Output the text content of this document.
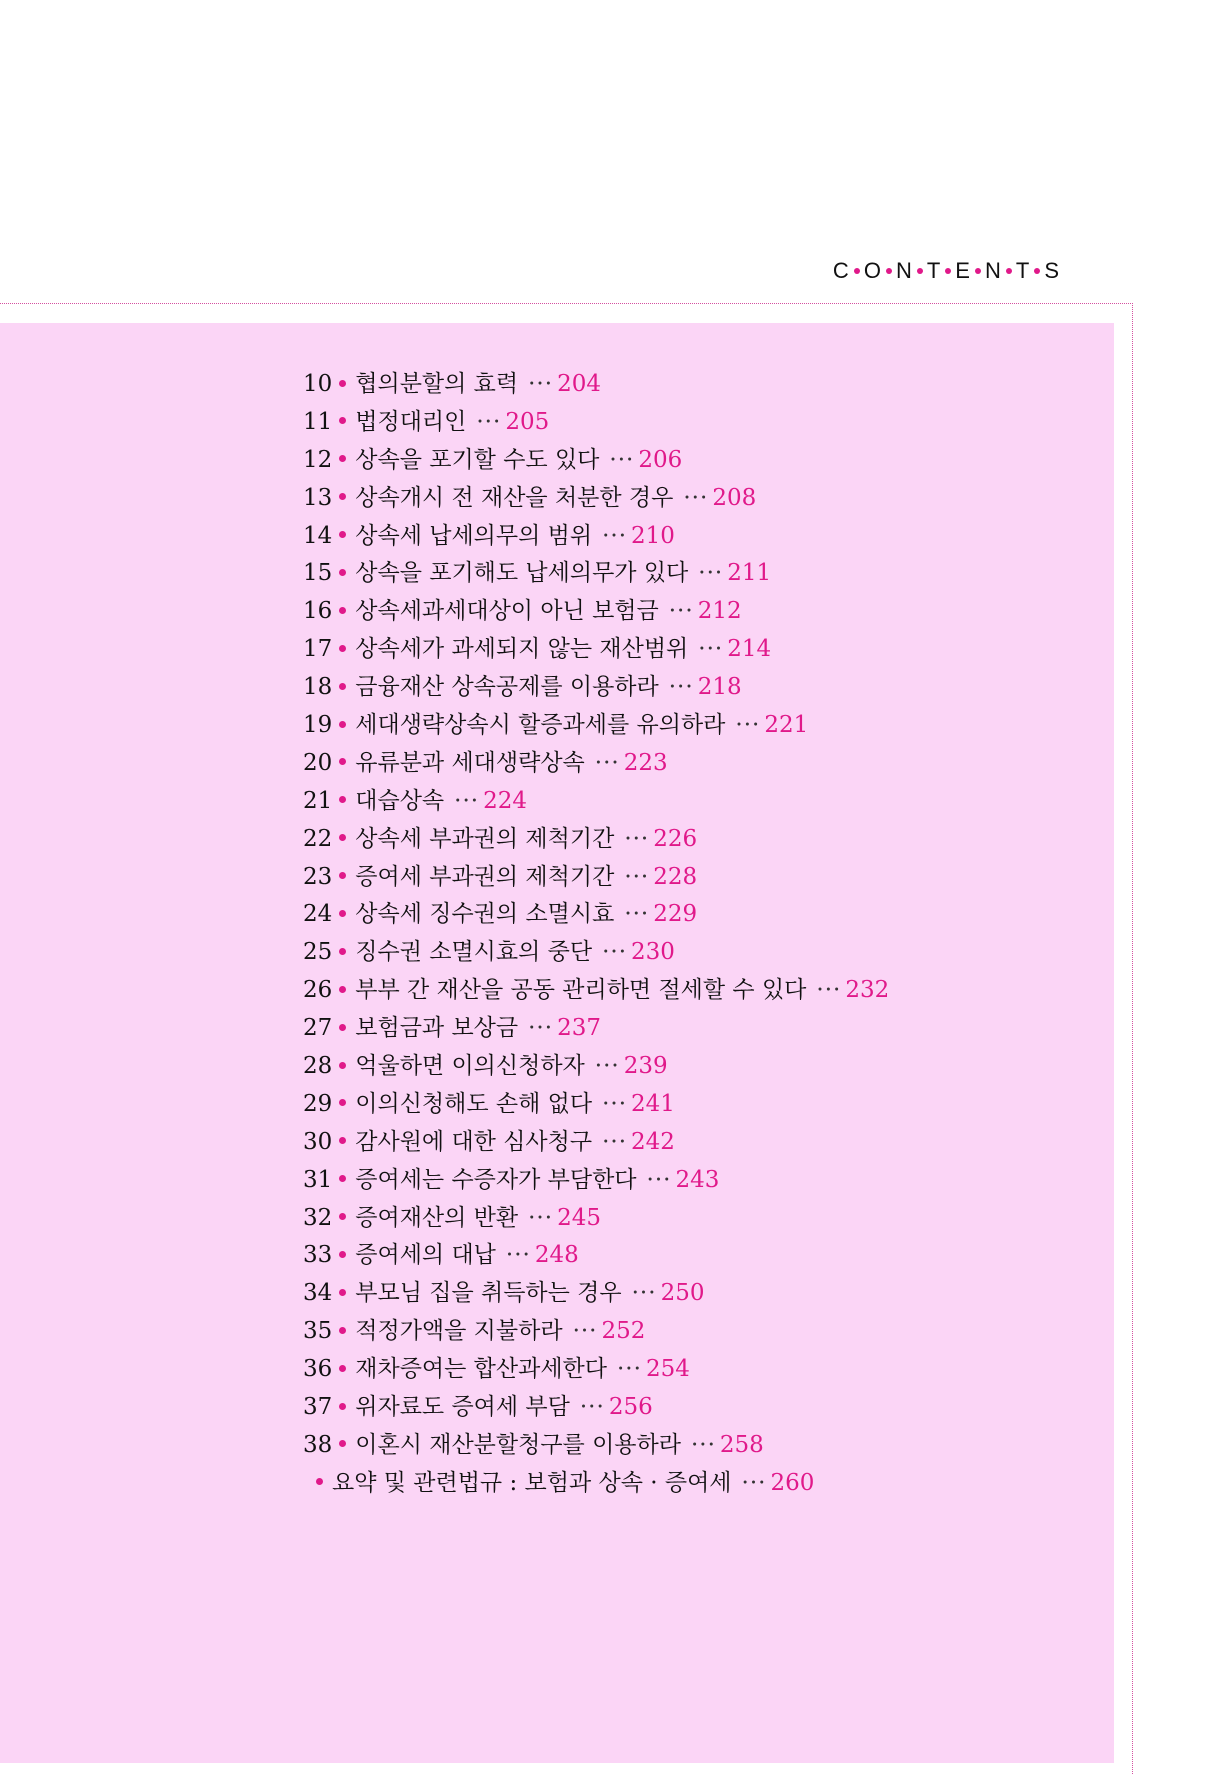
C O N T E N T S
10 협의분할의 효력 ··· 204
11 법정대리인 ··· 205
12 상속을 포기할 수도 있다 ··· 206
13 상속개시 전 재산을 처분한 경우 ··· 208
14 상속세 납세의무의 범위 ··· 210
15 상속을 포기해도 납세의무가 있다 ··· 211
16 상속세과세대상이 아닌 보험금 ··· 212
17 상속세가 과세되지 않는 재산범위 ··· 214
18 금융재산 상속공제를 이용하라 ··· 218
19 세대생략상속시 할증과세를 유의하라 ··· 221
20 유류분과 세대생략상속 ··· 223
21 대습상속 ··· 224
22 상속세 부과권의 제척기간 ··· 226
23 증여세 부과권의 제척기간 ··· 228
24 상속세 징수권의 소멸시효 ··· 229
25 징수권 소멸시효의 중단 ··· 230
26 부부 간 재산을 공동 관리하면 절세할 수 있다 ··· 232
27 보험금과 보상금 ··· 237
28 억울하면 이의신청하자 ··· 239
29 이의신청해도 손해 없다 ··· 241
30 감사원에 대한 심사청구 ··· 242
31 증여세는 수증자가 부담한다 ··· 243
32 증여재산의 반환 ··· 245
33 증여세의 대납 ··· 248
34 부모님 집을 취득하는 경우 ··· 250
35 적정가액을 지불하라 ··· 252
36 재차증여는 합산과세한다 ··· 254
37 위자료도 증여세 부담 ··· 256
38 이혼시 재산분할청구를 이용하라 ··· 258
요약 및 관련법규 : 보험과 상속 · 증여세 ··· 260
